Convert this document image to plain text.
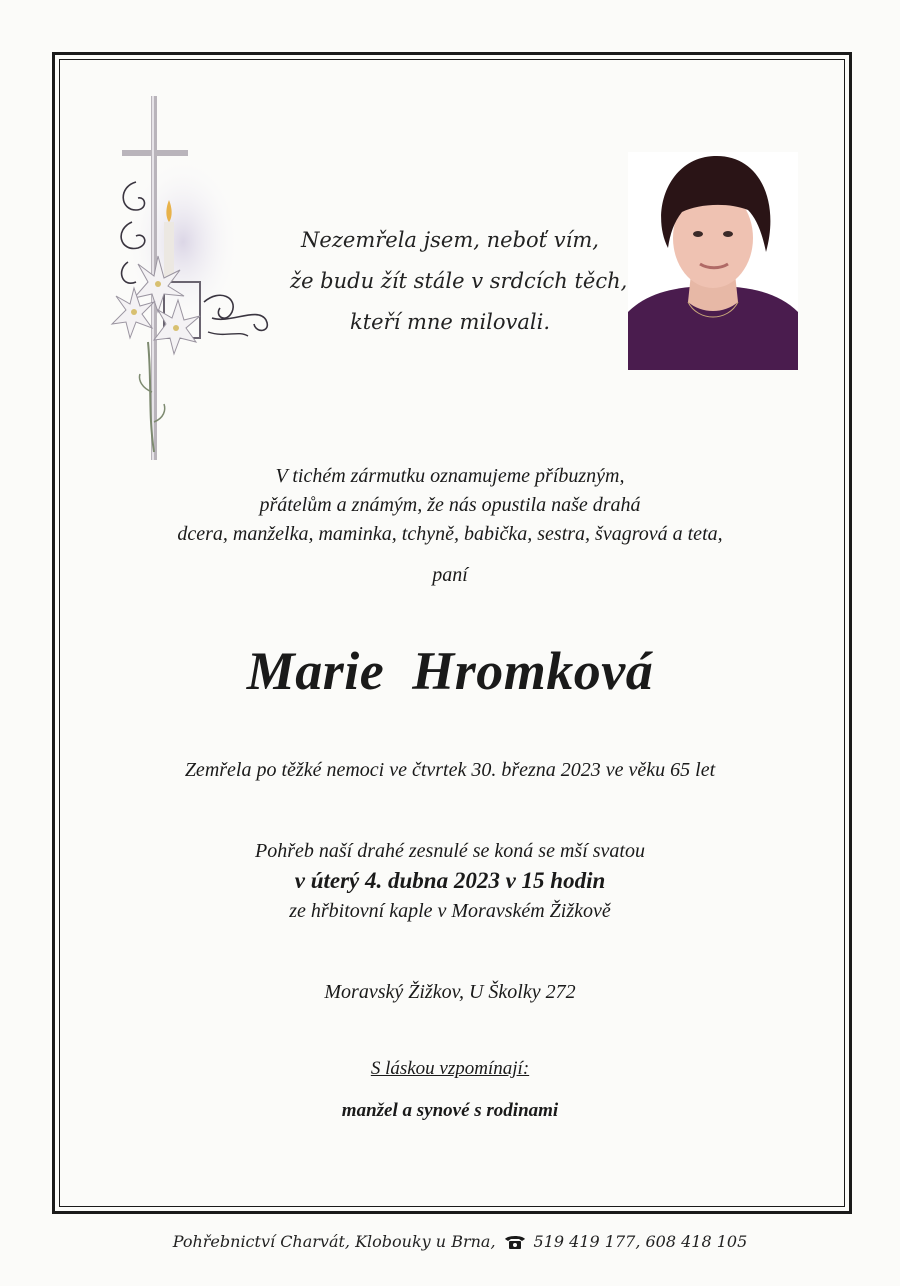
Nezemřela jsem, neboť vím,
že budu žít stále v srdcích těch,
kteří mne milovali.
V tichém zármutku oznamujeme příbuzným,
přátelům a známým, že nás opustila naše drahá
dcera, manželka, maminka, tchyně, babička, sestra, švagrová a teta,
paní
Marie  Hromková
Zemřela po těžké nemoci ve čtvrtek 30. března 2023 ve věku 65 let
Pohřeb naší drahé zesnulé se koná se mší svatou
v úterý 4. dubna 2023 v 15 hodin
ze hřbitovní kaple v Moravském Žižkově
Moravský Žižkov, U Školky 272
S láskou vzpomínají:
manžel a synové s rodinami
Pohřebnictví Charvát, Klobouky u Brna, 519 419 177, 608 418 105
